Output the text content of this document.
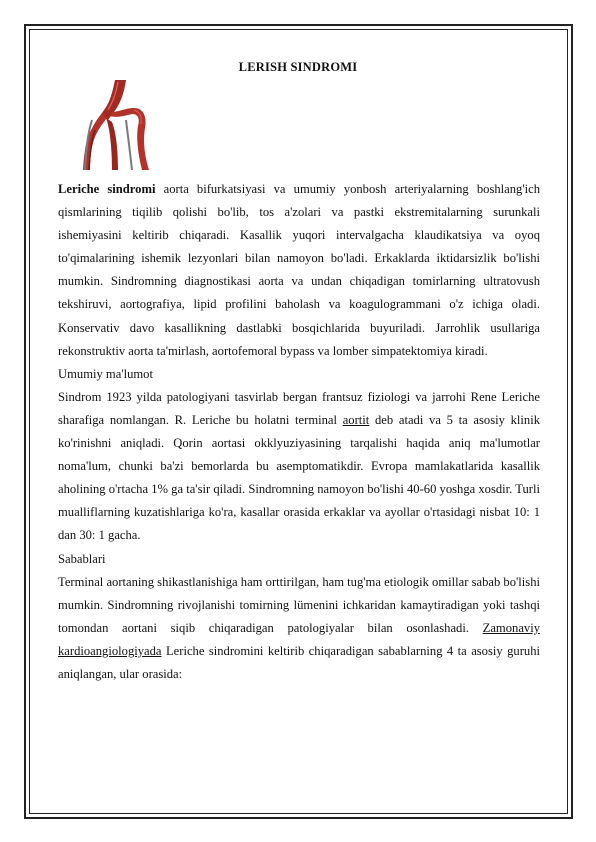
LERISH SINDROMI

Leriche sindromi aorta bifurkatsiyasi va umumiy yonbosh arteriyalarning boshlang'ich qismlarining tiqilib qolishi bo'lib, tos a'zolari va pastki ekstremitalarning surunkali ishemiyasini keltirib chiqaradi. Kasallik yuqori intervalgacha klaudikatsiya va oyoq to'qimalarining ishemik lezyonlari bilan namoyon bo'ladi. Erkaklarda iktidarsizlik bo'lishi mumkin. Sindromning diagnostikasi aorta va undan chiqadigan tomirlarning ultratovush tekshiruvi, aortografiya, lipid profilini baholash va koagulogrammani o'z ichiga oladi. Konservativ davo kasallikning dastlabki bosqichlarida buyuriladi. Jarrohlik usullariga rekonstruktiv aorta ta'mirlash, aortofemoral bypass va lomber simpatektomiya kiradi.

Umumiy ma'lumot

Sindrom 1923 yilda patologiyani tasvirlab bergan frantsuz fiziologi va jarrohi Rene Leriche sharafiga nomlangan. R. Leriche bu holatni terminal aortit deb atadi va 5 ta asosiy klinik ko'rinishni aniqladi. Qorin aortasi okklyuziyasining tarqalishi haqida aniq ma'lumotlar noma'lum, chunki ba'zi bemorlarda bu asemptomatikdir. Evropa mamlakatlarida kasallik aholining o'rtacha 1% ga ta'sir qiladi. Sindromning namoyon bo'lishi 40-60 yoshga xosdir. Turli mualliflarning kuzatishlariga ko'ra, kasallar orasida erkaklar va ayollar o'rtasidagi nisbat 10: 1 dan 30: 1 gacha.

Sabablari

Terminal aortaning shikastlanishiga ham orttirilgan, ham tug'ma etiologik omillar sabab bo'lishi mumkin. Sindromning rivojlanishi tomirning lümenini ichkaridan kamaytiradigan yoki tashqi tomondan aortani siqib chiqaradigan patologiyalar bilan osonlashadi. Zamonaviy kardioangiologiyada Leriche sindromini keltirib chiqaradigan sabablarning 4 ta asosiy guruhi aniqlangan, ular orasida:
